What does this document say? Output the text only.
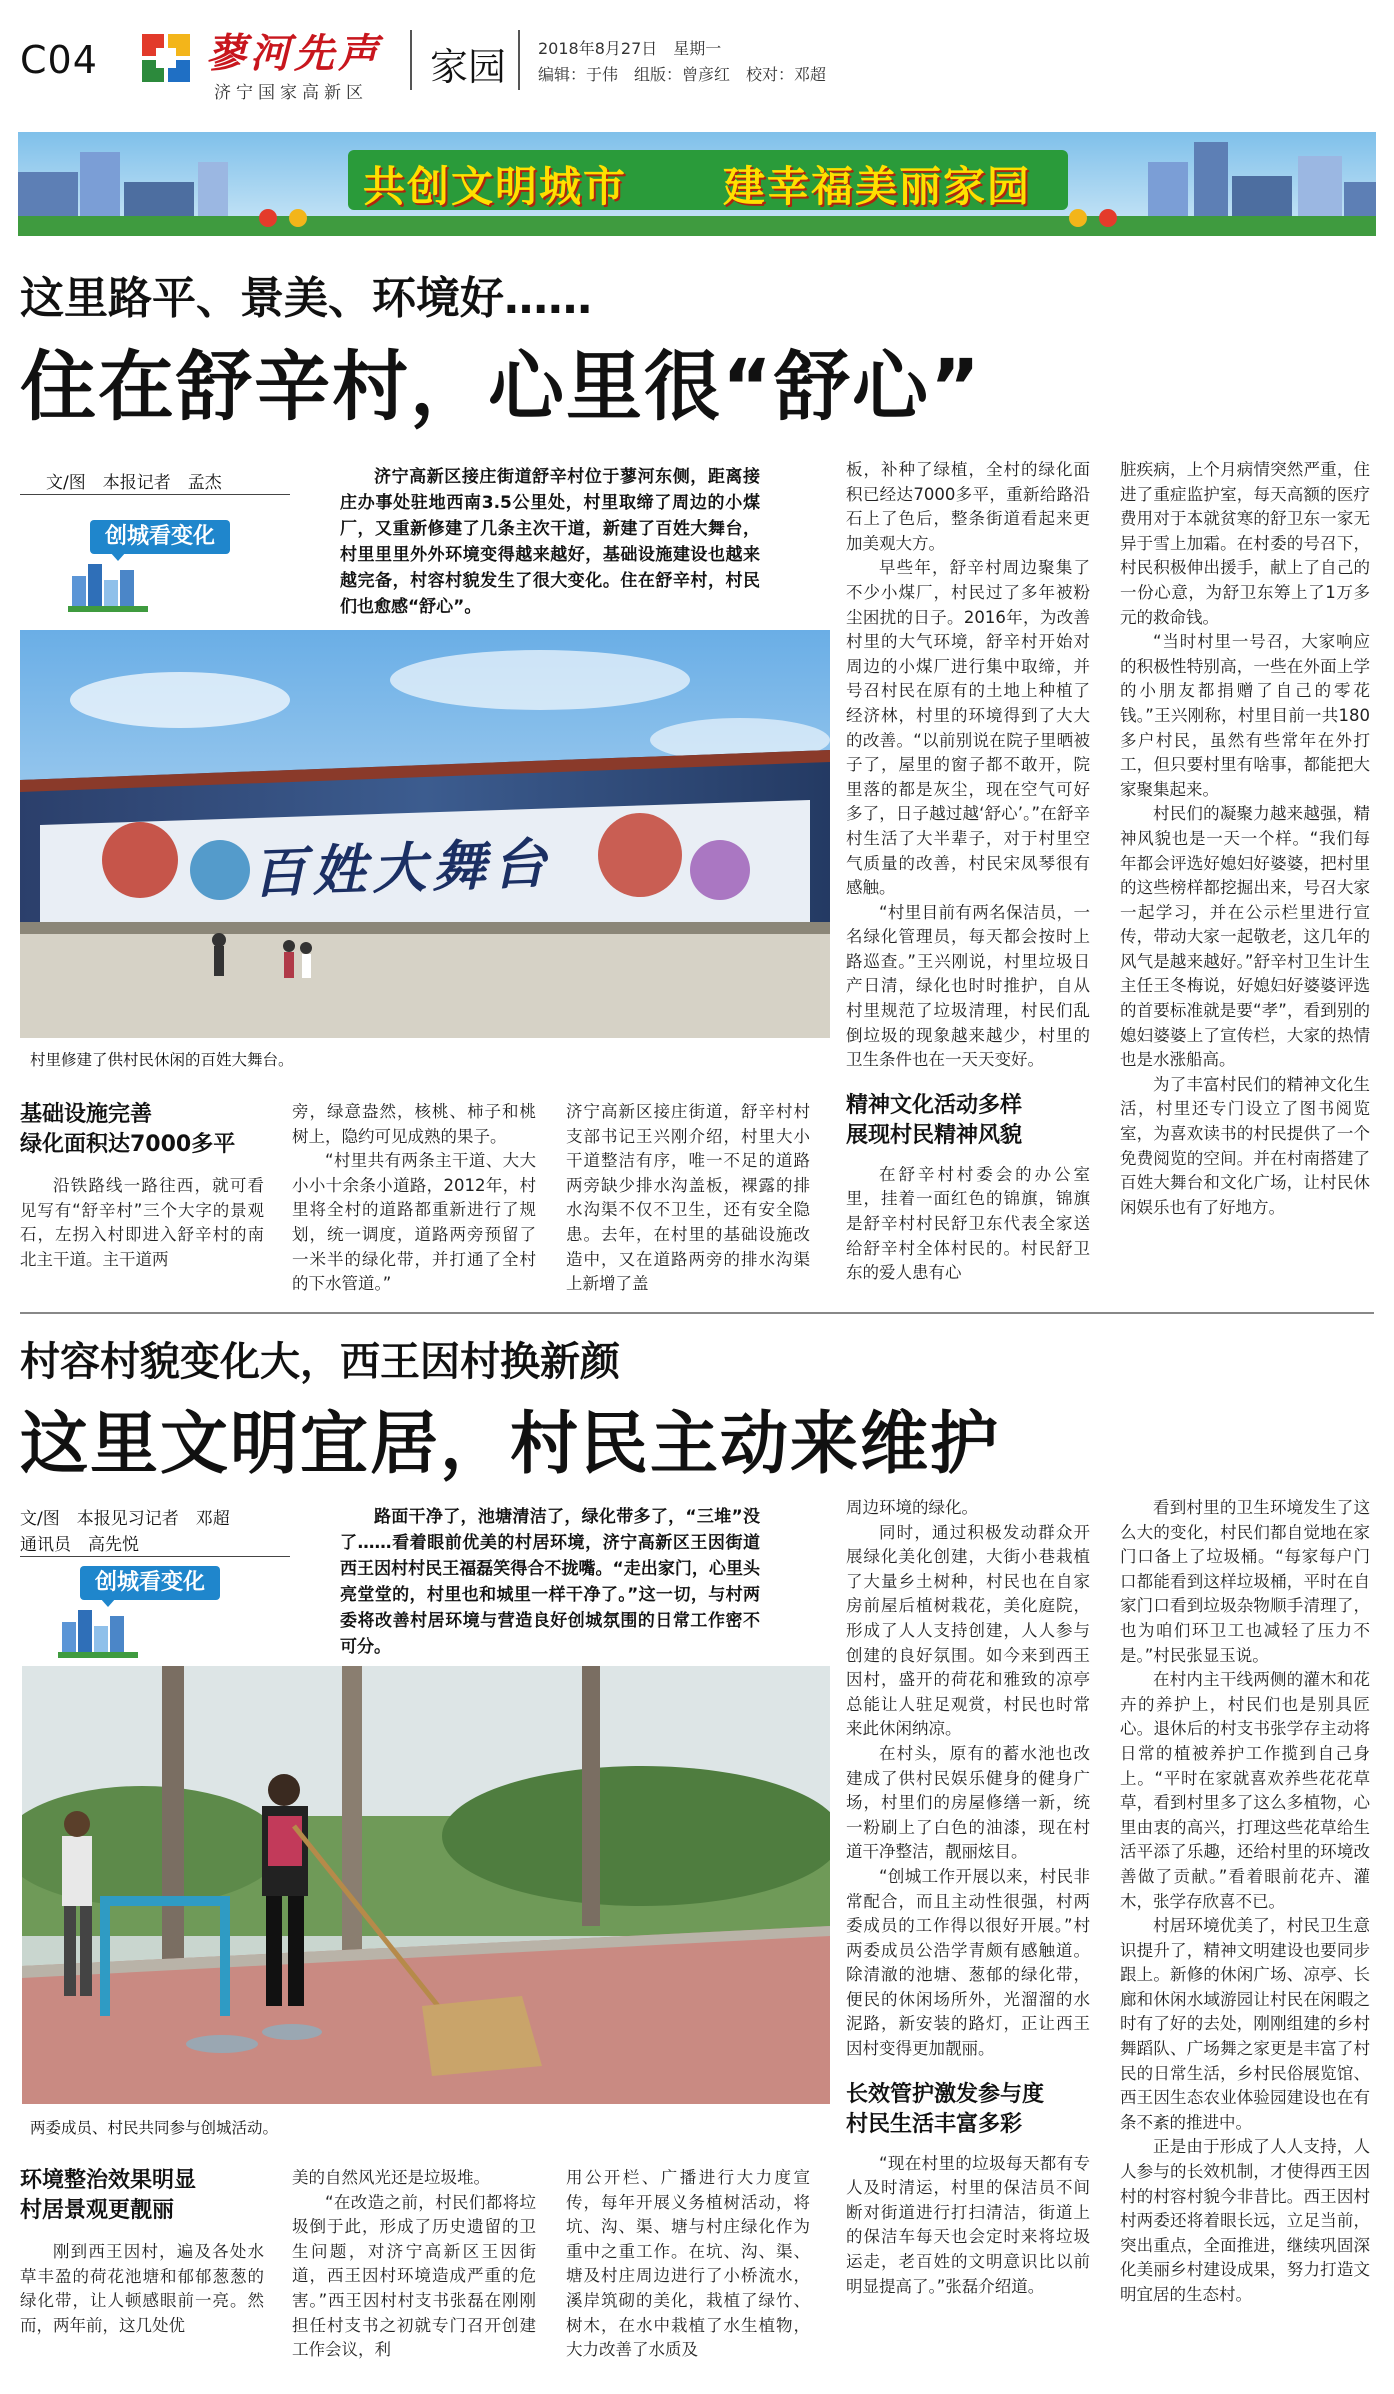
C04	蓼河先声
济宁国家高新区
家园 2018年8月27日　星期一
编辑：于伟　组版：曾彦红　校对：邓超
共创文明城市 建幸福美丽家园
这里路平、景美、环境好……
住在舒辛村，心里很“舒心”
文/图　本报记者　孟杰
创城看变化

济宁高新区接庄街道舒辛村位于蓼河东侧，距离接庄办事处驻地西南3.5公里处，村里取缔了周边的小煤厂，又重新修建了几条主次干道，新建了百姓大舞台，村里里里外外环境变得越来越好，基础设施建设也越来越完备，村容村貌发生了很大变化。住在舒辛村，村民们也愈感“舒心”。

百姓大舞台
村里修建了供村民休闲的百姓大舞台。

基础设施完善
绿化面积达7000多平

沿铁路线一路往西，就可看见写有“舒辛村”三个大字的景观石，左拐入村即进入舒辛村的南北主干道。主干道两

旁，绿意盎然，核桃、柿子和桃树上，隐约可见成熟的果子。

“村里共有两条主干道、大大小小十余条小道路，2012年，村里将全村的道路都重新进行了规划，统一调度，道路两旁预留了一米半的绿化带，并打通了全村的下水管道。”

济宁高新区接庄街道，舒辛村村支部书记王兴刚介绍，村里大小干道整洁有序，唯一不足的道路两旁缺少排水沟盖板，裸露的排水沟渠不仅不卫生，还有安全隐患。去年，在村里的基础设施改造中，又在道路两旁的排水沟渠上新增了盖

板，补种了绿植，全村的绿化面积已经达7000多平，重新给路沿石上了色后，整条街道看起来更加美观大方。

早些年，舒辛村周边聚集了不少小煤厂，村民过了多年被粉尘困扰的日子。2016年，为改善村里的大气环境，舒辛村开始对周边的小煤厂进行集中取缔，并号召村民在原有的土地上种植了经济林，村里的环境得到了大大的改善。“以前别说在院子里晒被子了，屋里的窗子都不敢开，院里落的都是灰尘，现在空气可好多了，日子越过越‘舒心’。”在舒辛村生活了大半辈子，对于村里空气质量的改善，村民宋凤琴很有感触。

“村里目前有两名保洁员，一名绿化管理员，每天都会按时上路巡查。”王兴刚说，村里垃圾日产日清，绿化也时时推护，自从村里规范了垃圾清理，村民们乱倒垃圾的现象越来越少，村里的卫生条件也在一天天变好。

精神文化活动多样
展现村民精神风貌

在舒辛村村委会的办公室里，挂着一面红色的锦旗，锦旗是舒辛村村民舒卫东代表全家送给舒辛村全体村民的。村民舒卫东的爱人患有心

脏疾病，上个月病情突然严重，住进了重症监护室，每天高额的医疗费用对于本就贫寒的舒卫东一家无异于雪上加霜。在村委的号召下，村民积极伸出援手，献上了自己的一份心意，为舒卫东筹上了1万多元的救命钱。

“当时村里一号召，大家响应的积极性特别高，一些在外面上学的小朋友都捐赠了自己的零花钱。”王兴刚称，村里目前一共180多户村民，虽然有些常年在外打工，但只要村里有啥事，都能把大家聚集起来。

村民们的凝聚力越来越强，精神风貌也是一天一个样。“我们每年都会评选好媳妇好婆婆，把村里的这些榜样都挖掘出来，号召大家一起学习，并在公示栏里进行宣传，带动大家一起敬老，这几年的风气是越来越好。”舒辛村卫生计生主任王冬梅说，好媳妇好婆婆评选的首要标准就是要“孝”，看到别的媳妇婆婆上了宣传栏，大家的热情也是水涨船高。

为了丰富村民们的精神文化生活，村里还专门设立了图书阅览室，为喜欢读书的村民提供了一个免费阅览的空间。并在村南搭建了百姓大舞台和文化广场，让村民休闲娱乐也有了好地方。

村容村貌变化大，西王因村换新颜
这里文明宜居，村民主动来维护
文/图　本报见习记者　邓超
通讯员　高先悦
创城看变化

路面干净了，池塘清洁了，绿化带多了，“三堆”没了……看着眼前优美的村居环境，济宁高新区王因街道西王因村村民王福磊笑得合不拢嘴。“走出家门，心里头亮堂堂的，村里也和城里一样干净了。”这一切，与村两委将改善村居环境与营造良好创城氛围的日常工作密不可分。

两委成员、村民共同参与创城活动。

环境整治效果明显
村居景观更靓丽

刚到西王因村，遍及各处水草丰盈的荷花池塘和郁郁葱葱的绿化带，让人顿感眼前一亮。然而，两年前，这几处优

美的自然风光还是垃圾堆。

“在改造之前，村民们都将垃圾倒于此，形成了历史遗留的卫生问题，对济宁高新区王因街道，西王因村环境造成严重的危害。”西王因村村支书张磊在刚刚担任村支书之初就专门召开创建工作会议，利

用公开栏、广播进行大力度宣传，每年开展义务植树活动，将坑、沟、渠、塘与村庄绿化作为重中之重工作。在坑、沟、渠、塘及村庄周边进行了小桥流水，溪岸筑砌的美化，栽植了绿竹、树木，在水中栽植了水生植物，大力改善了水质及

周边环境的绿化。

同时，通过积极发动群众开展绿化美化创建，大街小巷栽植了大量乡土树种，村民也在自家房前屋后植树栽花，美化庭院，形成了人人支持创建，人人参与创建的良好氛围。如今来到西王因村，盛开的荷花和雅致的凉亭总能让人驻足观赏，村民也时常来此休闲纳凉。

在村头，原有的蓄水池也改建成了供村民娱乐健身的健身广场，村里们的房屋修缮一新，统一粉刷上了白色的油漆，现在村道干净整洁，靓丽炫目。

“创城工作开展以来，村民非常配合，而且主动性很强，村两委成员的工作得以很好开展。”村两委成员公浩学青颇有感触道。除清澈的池塘、葱郁的绿化带，便民的休闲场所外，光溜溜的水泥路，新安装的路灯，正让西王因村变得更加靓丽。

长效管护激发参与度
村民生活丰富多彩

“现在村里的垃圾每天都有专人及时清运，村里的保洁员不间断对街道进行打扫清洁，街道上的保洁车每天也会定时来将垃圾运走，老百姓的文明意识比以前明显提高了。”张磊介绍道。

看到村里的卫生环境发生了这么大的变化，村民们都自觉地在家门口备上了垃圾桶。“每家每户门口都能看到这样垃圾桶，平时在自家门口看到垃圾杂物顺手清理了，也为咱们环卫工也减轻了压力不是。”村民张显玉说。

在村内主干线两侧的灌木和花卉的养护上，村民们也是别具匠心。退休后的村支书张学存主动将日常的植被养护工作揽到自己身上。“平时在家就喜欢养些花花草草，看到村里多了这么多植物，心里由衷的高兴，打理这些花草给生活平添了乐趣，还给村里的环境改善做了贡献。”看着眼前花卉、灌木，张学存欣喜不已。

村居环境优美了，村民卫生意识提升了，精神文明建设也要同步跟上。新修的休闲广场、凉亭、长廊和休闲水域游园让村民在闲暇之时有了好的去处，刚刚组建的乡村舞蹈队、广场舞之家更是丰富了村民的日常生活，乡村民俗展览馆、西王因生态农业体验园建设也在有条不紊的推进中。

正是由于形成了人人支持，人人参与的长效机制，才使得西王因村的村容村貌今非昔比。西王因村村两委还将着眼长远，立足当前，突出重点，全面推进，继续巩固深化美丽乡村建设成果，努力打造文明宜居的生态村。
